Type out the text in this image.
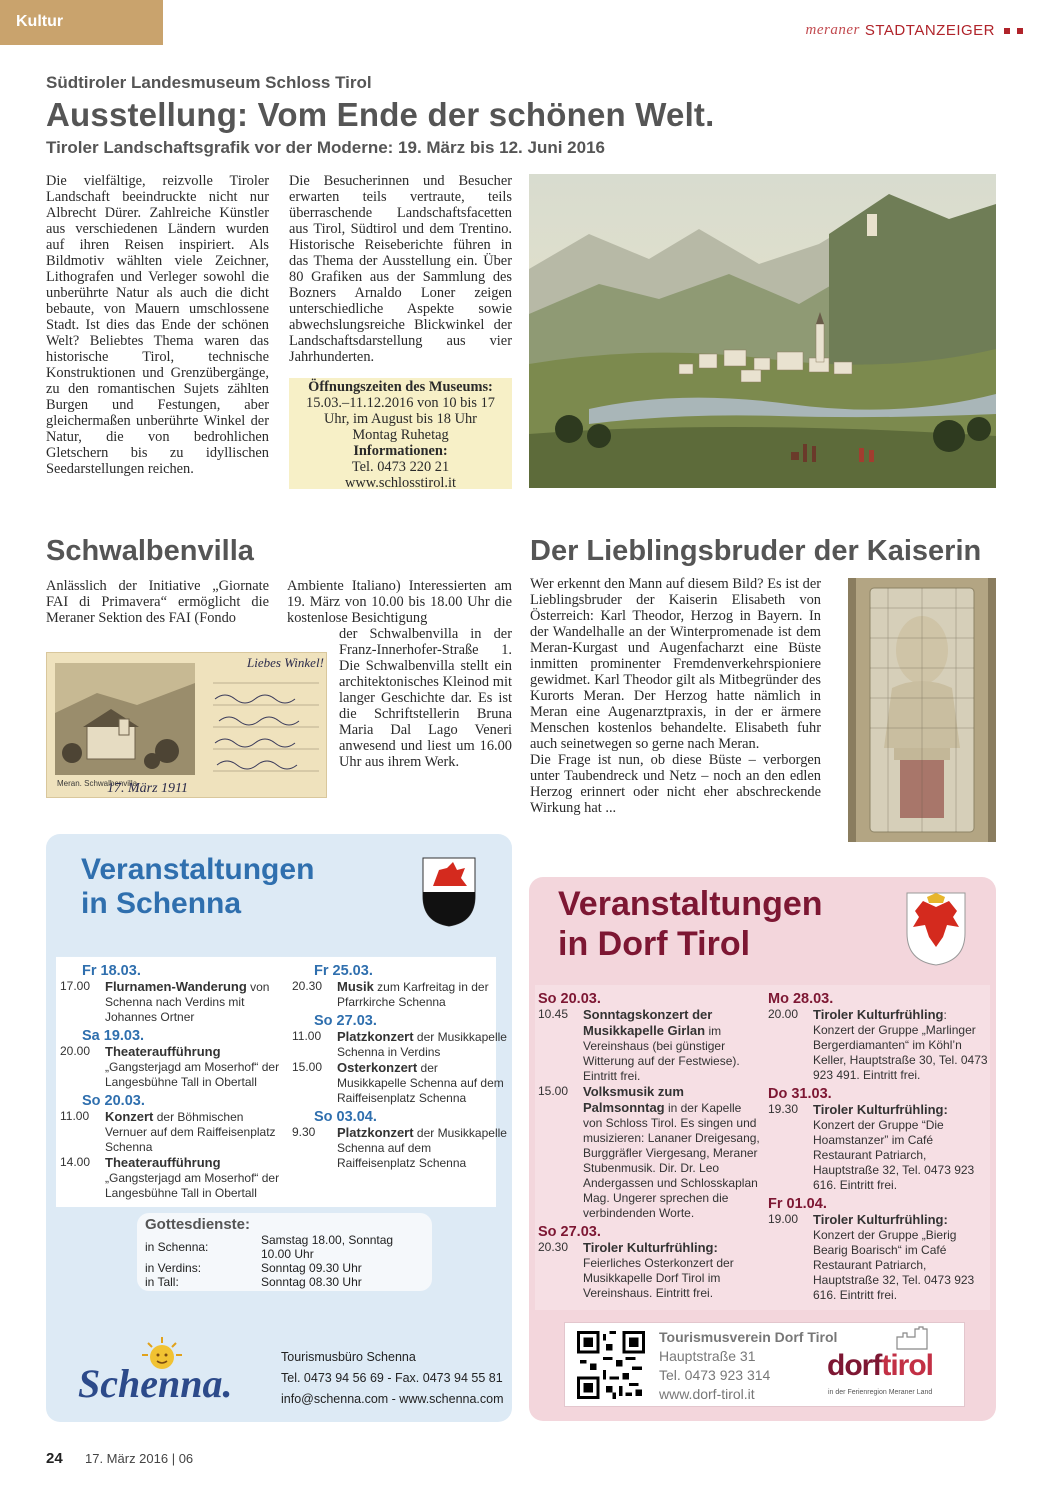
Kultur	meraner STADTANZEIGER
Südtiroler Landesmuseum Schloss Tirol
Ausstellung: Vom Ende der schönen Welt.
Tiroler Landschaftsgrafik vor der Moderne: 19. März bis 12. Juni 2016
Die vielfältige, reizvolle Tiroler Landschaft beeindruckte nicht nur Albrecht Dürer. Zahlreiche Künstler aus verschiedenen Ländern wurden auf ihren Reisen inspiriert. Als Bildmotiv wählten viele Zeichner, Lithografen und Verleger sowohl die unberührte Natur als auch die dicht bebaute, von Mauern umschlossene Stadt. Ist dies das Ende der schönen Welt? Beliebtes Thema waren das historische Tirol, technische Konstruktionen und Grenzübergänge, zu den romantischen Sujets zählten Burgen und Festungen, aber gleichermaßen unberührte Winkel der Natur, die von bedrohlichen Gletschern bis zu idyllischen Seedarstellungen reichen.
Die Besucherinnen und Besucher erwarten teils vertraute, teils überraschende Landschaftsfacetten aus Tirol, Südtirol und dem Trentino. Historische Reiseberichte führen in das Thema der Ausstellung ein. Über 80 Grafiken aus der Sammlung des Bozners Arnaldo Loner zeigen unterschiedliche Aspekte sowie abwechslungsreiche Blickwinkel der Landschaftsdarstellung aus vier Jahrhunderten.
Öffnungszeiten des Museums:
15.03.–11.12.2016 von 10 bis 17 Uhr, im August bis 18 Uhr
Montag Ruhetag
Informationen:
Tel. 0473 220 21
www.schlosstirol.it
Schwalbenvilla
Anlässlich der Initiative „Giornate FAI di Primavera“ ermöglicht die Meraner Sektion des FAI (Fondo
Ambiente Italiano) Interessierten am 19. März von 10.00 bis 18.00 Uhr die kostenlose Besichtigung
der Schwalbenvilla in der Franz-Innerhofer-Straße 1. Die Schwalbenvilla stellt ein architektonisches Kleinod mit langer Geschichte dar. Es ist die Schriftstellerin Bruna Maria Dal Lago Veneri anwesend und liest um 16.00 Uhr aus ihrem Werk.
Liebes Winkel!
Meran. Schwalbenvilla
17. März 1911
Der Lieblingsbruder der Kaiserin
Wer erkennt den Mann auf diesem Bild? Es ist der Lieblingsbruder der Kaiserin Elisabeth von Österreich: Karl Theodor, Herzog in Bayern. In der Wandelhalle an der Winterpromenade ist dem Meran-Kurgast und Augenfacharzt eine Büste inmitten prominenter Fremdenverkehrspioniere gewidmet. Karl Theodor gilt als Mitbegründer des Kurorts Meran. Der Herzog hatte nämlich in Meran eine Augenarztpraxis, in der er ärmere Menschen kostenlos behandelte. Elisabeth fuhr auch seinetwegen so gerne nach Meran.
Die Frage ist nun, ob diese Büste – verborgen unter Taubendreck und Netz – noch an den edlen Herzog erinnert oder nicht eher abschreckende Wirkung hat ...
Veranstaltungen
in Schenna
Fr 18.03.
17.00	Flurnamen-Wanderung von Schenna nach Verdins mit Johannes Ortner
Sa 19.03.
20.00	Theateraufführung „Gangsterjagd am Moserhof“ der Langesbühne Tall in Obertall
So 20.03.
11.00	Konzert der Böhmischen Vernuer auf dem Raiffeisenplatz Schenna
14.00	Theateraufführung „Gangsterjagd am Moserhof“ der Langesbühne Tall in Obertall
Fr 25.03.
20.30	Musik zum Karfreitag in der Pfarrkirche Schenna
So 27.03.
11.00	Platzkonzert der Musikkapelle Schenna in Verdins
15.00	Osterkonzert der Musikkapelle Schenna auf dem Raiffeisenplatz Schenna
So 03.04.
9.30	Platzkonzert der Musikkapelle Schenna auf dem Raiffeisenplatz Schenna
Gottesdienste:
in Schenna:	Samstag 18.00, Sonntag 10.00 Uhr
in Verdins:	Sonntag 09.30 Uhr
in Tall:	Sonntag 08.30 Uhr
Schenna.
Tourismusbüro Schenna
Tel. 0473 94 56 69 - Fax. 0473 94 55 81
info@schenna.com - www.schenna.com
Veranstaltungen
in Dorf Tirol
So 20.03.
10.45	Sonntagskonzert der Musikkapelle Girlan im Vereinshaus (bei günstiger Witterung auf der Festwiese). Eintritt frei.
15.00	Volksmusik zum Palmsonntag in der Kapelle von Schloss Tirol. Es singen und musizieren: Lananer Dreigesang, Burggräfler Viergesang, Meraner Stubenmusik. Dir. Dr. Leo Andergassen und Schlosskaplan Mag. Ungerer sprechen die verbindenden Worte.
So 27.03.
20.30	Tiroler Kulturfrühling: Feierliches Osterkonzert der Musikkapelle Dorf Tirol im Vereinshaus. Eintritt frei.
Mo 28.03.
20.00	Tiroler Kulturfrühling: Konzert der Gruppe „Marlinger Bergerdiamanten“ im Köhl’n Keller, Hauptstraße 30, Tel. 0473 923 491. Eintritt frei.
Do 31.03.
19.30	Tiroler Kulturfrühling: Konzert der Gruppe “Die Hoamstanzer” im Café Restaurant Patriarch, Hauptstraße 32, Tel. 0473 923 616. Eintritt frei.
Fr 01.04.
19.00	Tiroler Kulturfrühling: Konzert der Gruppe „Bierig Bearig Boarisch“ im Café Restaurant Patriarch, Hauptstraße 32, Tel. 0473 923 616. Eintritt frei.
Tourismusverein Dorf Tirol
Hauptstraße 31
Tel. 0473 923 314
www.dorf-tirol.it
dorftirol
in der Ferienregion Meraner Land
24 17. März 2016 | 06
